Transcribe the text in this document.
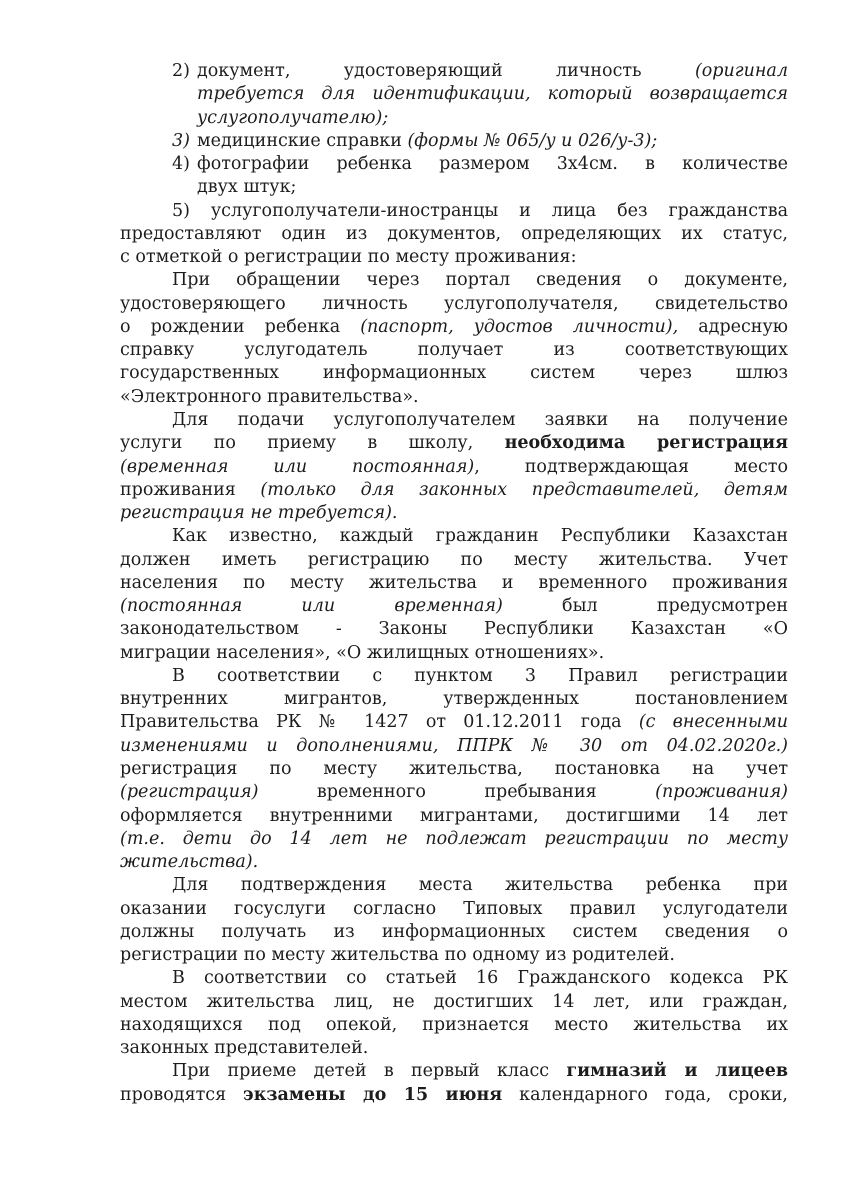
2) документ, удостоверяющий личность (оригинал
требуется для идентификации, который возвращается
услугополучателю);
3) медицинские справки (формы № 065/у и 026/у-3);
4) фотографии ребенка размером 3х4см. в количестве
двух штук;
5) услугополучатели-иностранцы и лица без гражданства
предоставляют один из документов, определяющих их статус,
с отметкой о регистрации по месту проживания:
При обращении через портал сведения о документе,
удостоверяющего личность услугополучателя, свидетельство
о рождении ребенка (паспорт, удостов личности), адресную
справку услугодатель получает из соответствующих
государственных информационных систем через шлюз
«Электронного правительства».
Для подачи услугополучателем заявки на получение
услуги по приему в школу, необходима регистрация
(временная или постоянная), подтверждающая место
проживания (только для законных представителей, детям
регистрация не требуется).
Как известно, каждый гражданин Республики Казахстан
должен иметь регистрацию по месту жительства. Учет
населения по месту жительства и временного проживания
(постоянная или временная) был предусмотрен
законодательством - Законы Республики Казахстан «О
миграции населения», «О жилищных отношениях».
В соответствии с пунктом 3 Правил регистрации
внутренних мигрантов, утвержденных постановлением
Правительства РК № 1427 от 01.12.2011 года (с внесенными
изменениями и дополнениями, ППРК № 30 от 04.02.2020г.)
регистрация по месту жительства, постановка на учет
(регистрация) временного пребывания (проживания)
оформляется внутренними мигрантами, достигшими 14 лет
(т.е. дети до 14 лет не подлежат регистрации по месту
жительства).
Для подтверждения места жительства ребенка при
оказании госуслуги согласно Типовых правил услугодатели
должны получать из информационных систем сведения о
регистрации по месту жительства по одному из родителей.
В соответствии со статьей 16 Гражданского кодекса РК
местом жительства лиц, не достигших 14 лет, или граждан,
находящихся под опекой, признается место жительства их
законных представителей.
При приеме детей в первый класс гимназий и лицеев
проводятся экзамены до 15 июня календарного года, сроки,
